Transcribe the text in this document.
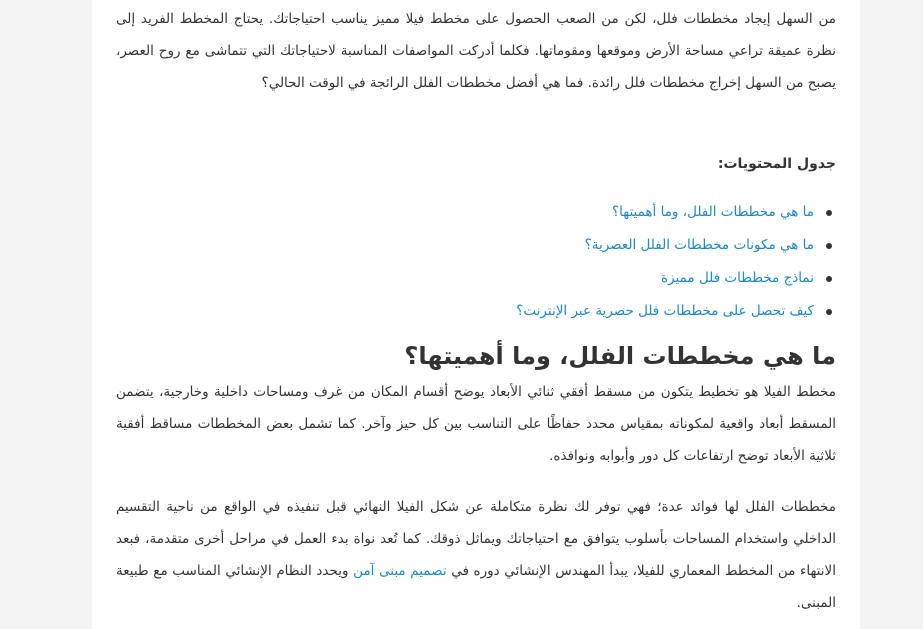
من السهل إيجاد مخططات فلل، لكن من الصعب الحصول على مخطط فيلا مميز يناسب احتياجاتك. يحتاج المخطط الفريد إلى نظرة عميقة تراعي مساحة الأرض وموقعها ومقوماتها. فكلما أدركت المواصفات المناسبة لاحتياجاتك التي تتماشى مع روح العصر، يصبح من السهل إخراج مخططات فلل رائدة. فما هي أفضل مخططات الفلل الرائجة في الوقت الحالي؟

جدول المحتويات:
ما هي مخططات الفلل، وما أهميتها؟
ما هي مكونات مخططات الفلل العصرية؟
نماذج مخططات فلل مميزة
كيف تحصل على مخططات فلل حصرية عبر الإنترنت؟
ما هي مخططات الفلل، وما أهميتها؟

مخطط الفيلا هو تخطيط يتكون من مسقط أفقي ثنائي الأبعاد يوضح أقسام المكان من غرف ومساحات داخلية وخارجية، يتضمن المسقط أبعاد واقعية لمكوناته بمقياس محدد حفاظًا على التناسب بين كل حيز وآخر. كما تشمل بعض المخططات مساقط أفقية ثلاثية الأبعاد توضح ارتفاعات كل دور وأبوابه ونوافذه.

مخططات الفلل لها فوائد عدة؛ فهي توفر لك نظرة متكاملة عن شكل الفيلا النهائي قبل تنفيذه في الواقع من ناحية التقسيم الداخلي واستخدام المساحات بأسلوب يتوافق مع احتياجاتك ويماثل ذوقك. كما تُعد نواة بدء العمل في مراحل أخرى متقدمة، فبعد الانتهاء من المخطط المعماري للفيلا، يبدأ المهندس الإنشائي دوره في تصميم مبنى آمن ويحدد النظام الإنشائي المناسب مع طبيعة المبنى.
